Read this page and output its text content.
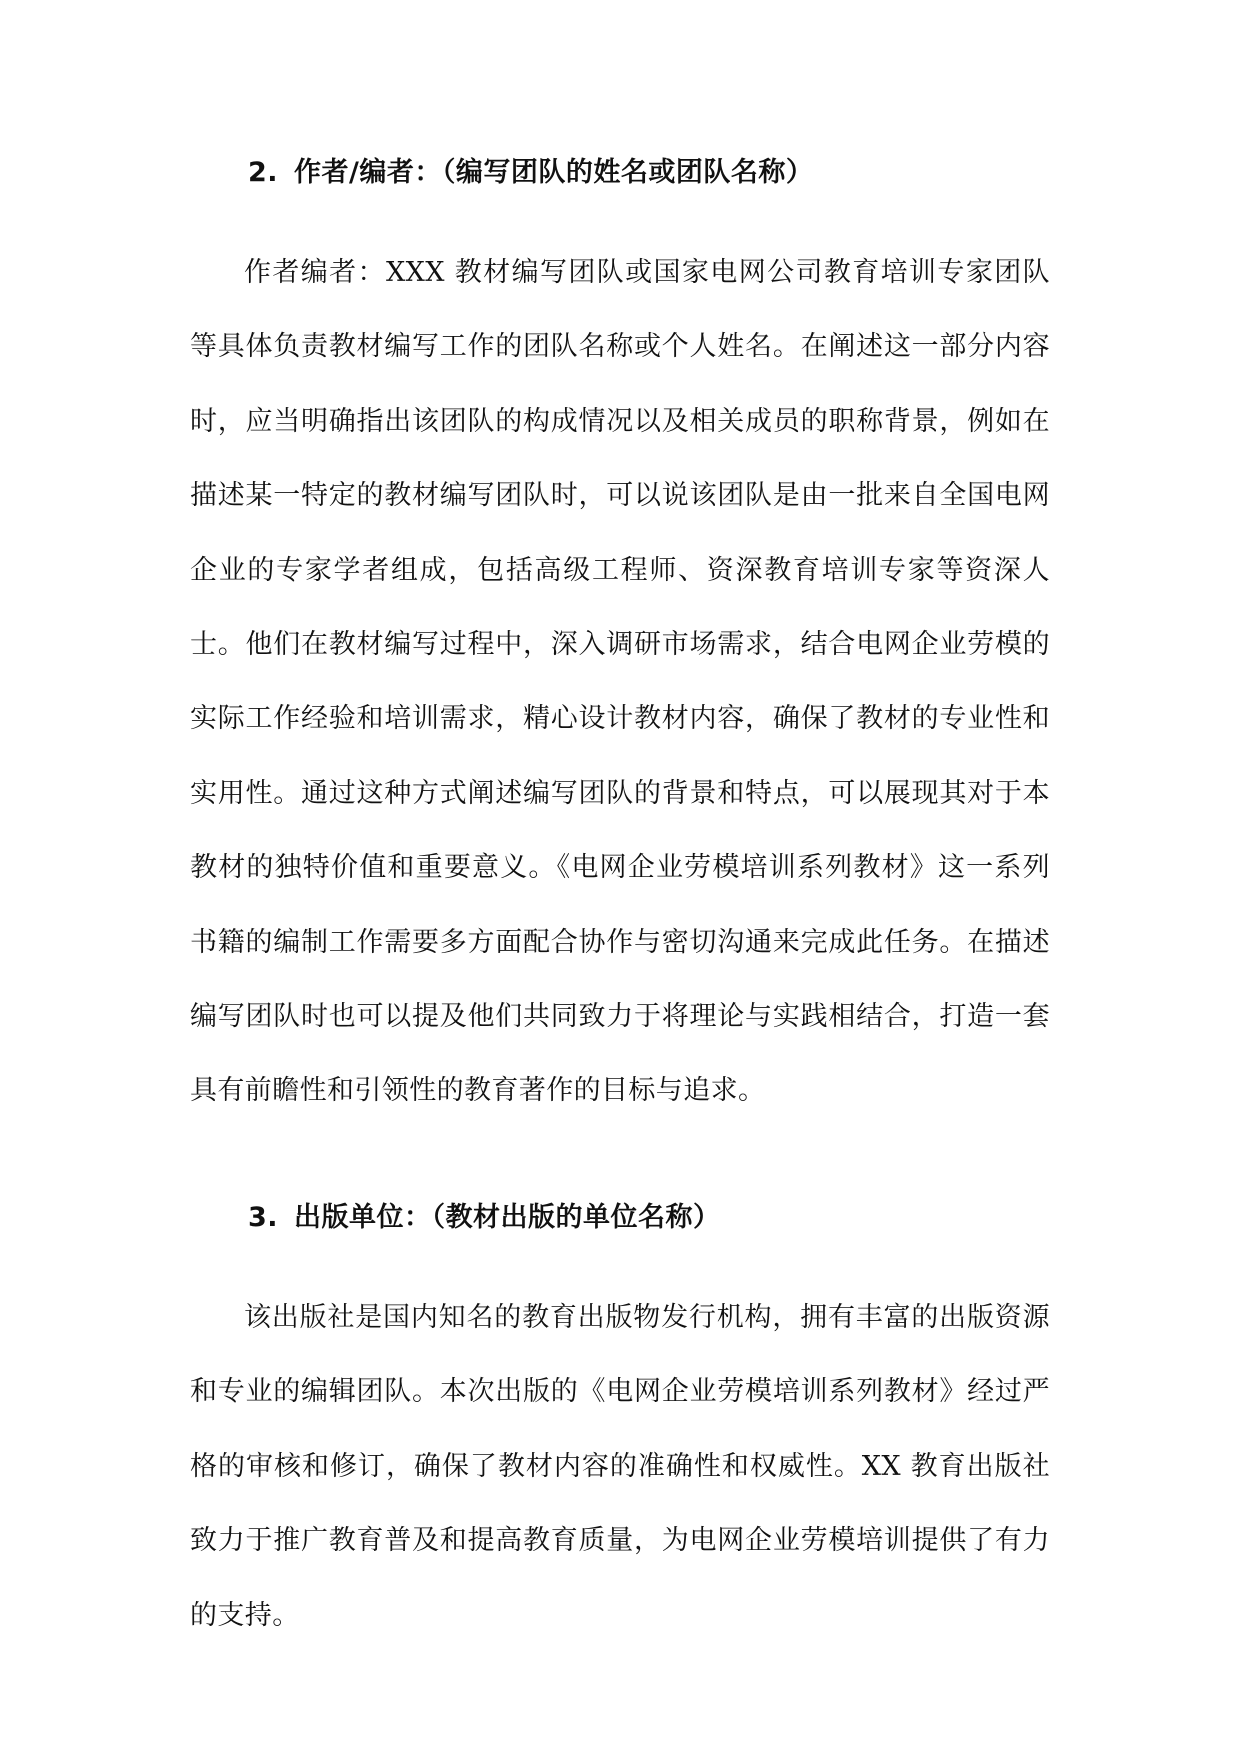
2. 作者/编者：（编写团队的姓名或团队名称）

作者编者：XXX 教材编写团队或国家电网公司教育培训专家团队等具体负责教材编写工作的团队名称或个人姓名。在阐述这一部分内容时，应当明确指出该团队的构成情况以及相关成员的职称背景，例如在描述某一特定的教材编写团队时，可以说该团队是由一批来自全国电网企业的专家学者组成，包括高级工程师、资深教育培训专家等资深人士。他们在教材编写过程中，深入调研市场需求，结合电网企业劳模的实际工作经验和培训需求，精心设计教材内容，确保了教材的专业性和实用性。通过这种方式阐述编写团队的背景和特点，可以展现其对于本教材的独特价值和重要意义。《电网企业劳模培训系列教材》这一系列书籍的编制工作需要多方面配合协作与密切沟通来完成此任务。在描述编写团队时也可以提及他们共同致力于将理论与实践相结合，打造一套具有前瞻性和引领性的教育著作的目标与追求。

3. 出版单位：（教材出版的单位名称）

该出版社是国内知名的教育出版物发行机构，拥有丰富的出版资源和专业的编辑团队。本次出版的《电网企业劳模培训系列教材》经过严格的审核和修订，确保了教材内容的准确性和权威性。XX 教育出版社致力于推广教育普及和提高教育质量，为电网企业劳模培训提供了有力的支持。
